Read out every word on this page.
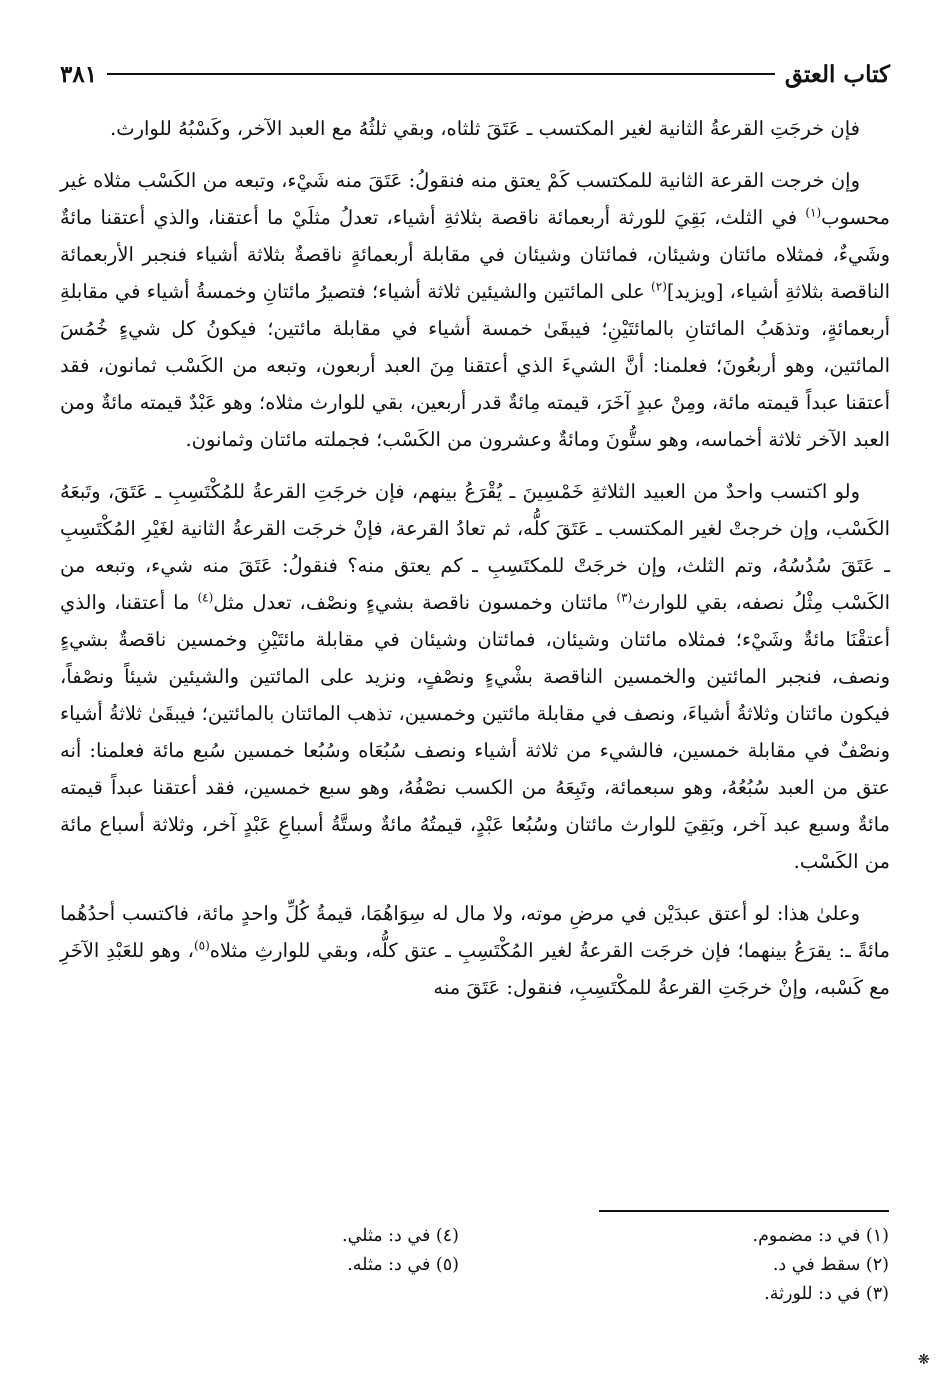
كتاب العتق
٣٨١

فإن خرجَتِ القرعةُ الثانية لغير المكتسب ـ عَتَقَ ثلثاه، وبقي ثلثُهُ مع العبد الآخر، وكَسْبُهُ للوارث.

وإن خرجت القرعة الثانية للمكتسب كَمْ يعتق منه فنقولُ: عَتَقَ منه شَيْء، وتبعه من الكَسْب مثلاه غير محسوب$^{(١)}$ في الثلث، بَقِيَ للورثة أربعمائة ناقصة بثلاثةِ أشياء، تعدلُ مثلَيْ ما أعتقنا، والذي أعتقنا مائةٌ وشَيءٌ، فمثلاه مائتان وشيئان، فمائتان وشيئان في مقابلة أربعمائةٍ ناقصةٌ بثلاثة أشياء فنجبر الأربعمائة الناقصة بثلاثةِ أشياء، [ويزيد]$^{(٢)}$ على المائتين والشيئين ثلاثة أشياء؛ فتصيرُ مائتانِ وخمسةُ أشياء في مقابلةِ أربعمائةٍ، وتذهَبُ المائتانِ بالمائتَيْنِ؛ فيبقَىٰ خمسة أشياء في مقابلة مائتين؛ فيكونُ كل شيءٍ خُمُسَ المائتين، وهو أربعُونَ؛ فعلمنا: أنَّ الشيءَ الذي أعتقنا مِنَ العبد أربعون، وتبعه من الكَسْب ثمانون، فقد أعتقنا عبداً قيمته مائة، ومِنْ عبدٍ آخَرَ، قيمته مِائةٌ قدر أربعين، بقي للوارث مثلاه؛ وهو عَبْدٌ قيمته مائةٌ ومن العبد الآخر ثلاثة أخماسه، وهو ستُّونَ ومائةٌ وعشرون من الكَسْب؛ فجملته مائتان وثمانون.

ولو اكتسب واحدٌ من العبيد الثلاثةِ خَمْسِينَ ـ يُقْرَعُ بينهم، فإن خرجَتِ القرعةُ للمُكْتَسِبِ ـ عَتَقَ، وتَبعَهُ الكَسْب، وإن خرجتْ لغير المكتسب ـ عَتَقَ كلُّه، ثم تعادُ القرعة، فإنْ خرجَت القرعةُ الثانية لغَيْرِ المُكْتَسِبِ ـ عَتَقَ سُدُسُهُ، وتم الثلث، وإن خرجَتْ للمكتَسِبِ ـ كم يعتق منه؟ فنقولُ: عَتَقَ منه شيء، وتبعه من الكَسْب مِثْلُ نصفه، بقي للوارث$^{(٣)}$ مائتان وخمسون ناقصة بشيءٍ ونصْف، تعدل مثل$^{(٤)}$ ما أعتقنا، والذي أعتقْنَا مائةٌ وشَيْء؛ فمثلاه مائتان وشيئان، فمائتان وشيئان في مقابلة مائتَيْنِ وخمسين ناقصةٌ بشيءٍ ونصف، فنجبر المائتين والخمسين الناقصة بشْيءٍ ونصْفٍ، ونزيد على المائتين والشيئين شيئاً ونصْفاً، فيكون مائتان وثلاثةُ أشياءَ، ونصف في مقابلة مائتين وخمسين، تذهب المائتان بالمائتين؛ فيبقَىٰ ثلاثةُ أشياء ونصْفٌ في مقابلة خمسين، فالشيء من ثلاثة أشياء ونصف سُبُعَاه وسُبُعا خمسين سُبع مائة فعلمنا: أنه عتق من العبد سُبُعُهُ، وهو سبعمائة، وتَبِعَهُ من الكسب نصْفُهُ، وهو سبع خمسين، فقد أعتقنا عبداً قيمته مائةٌ وسبع عبد آخر، وبَقِيَ للوارث مائتان وسُبُعا عَبْدٍ، قيمتُهُ مائةٌ وستَّةُ أسباعِ عَبْدٍ آخر، وثلاثة أسباع مائة من الكَسْب.

وعلىٰ هذا: لو أعتق عبدَيْن في مرضِ موته، ولا مال له سِوَاهُمَا، قيمةُ كُلِّ واحدٍ مائة، فاكتسب أحدُهُما مائةً ـ: يقرَعُ بينهما؛ فإن خرجَت القرعةُ لغير المُكْتَسِبِ ـ عتق كلُّه، وبقي للوارثِ مثلاه$^{(٥)}$، وهو للعَبْدِ الآخَرِ مع كَسْبه، وإنْ خرجَتِ القرعةُ للمكْتَسِبِ، فنقول: عَتَقَ منه

(١) في د: مضموم.
(٢) سقط في د.
(٣) في د: للورثة.
(٤) في د: مثلي.
(٥) في د: مثله.
❋
